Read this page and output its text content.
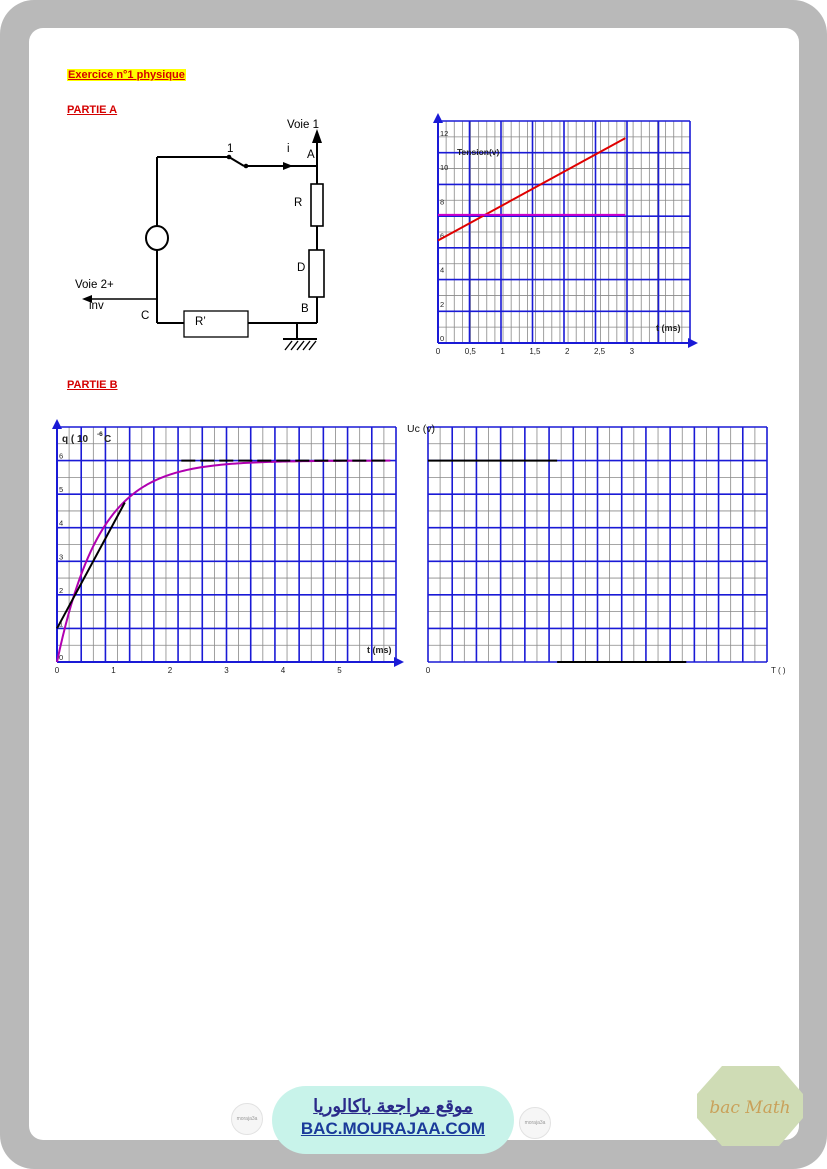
Exercice n°1 physique
PARTIE A
PARTIE B
Voie 1
1	i A
R
D
Voie 2+
inv
C	R’
B
0	0,5	1	1,5	2	2,5	3
0
2
4
6
8
10
12
0	1	2	3	4	5
0
1
2
3
4
5
6
0
Tension(v)
t (ms)
q ( 10 -6 C
t (ms)
Uc (v)
T ( )
موقع مراجعة باكالوريا
BAC.MOURAJAA.COM
moraja3a
moraja3a
bac Math
